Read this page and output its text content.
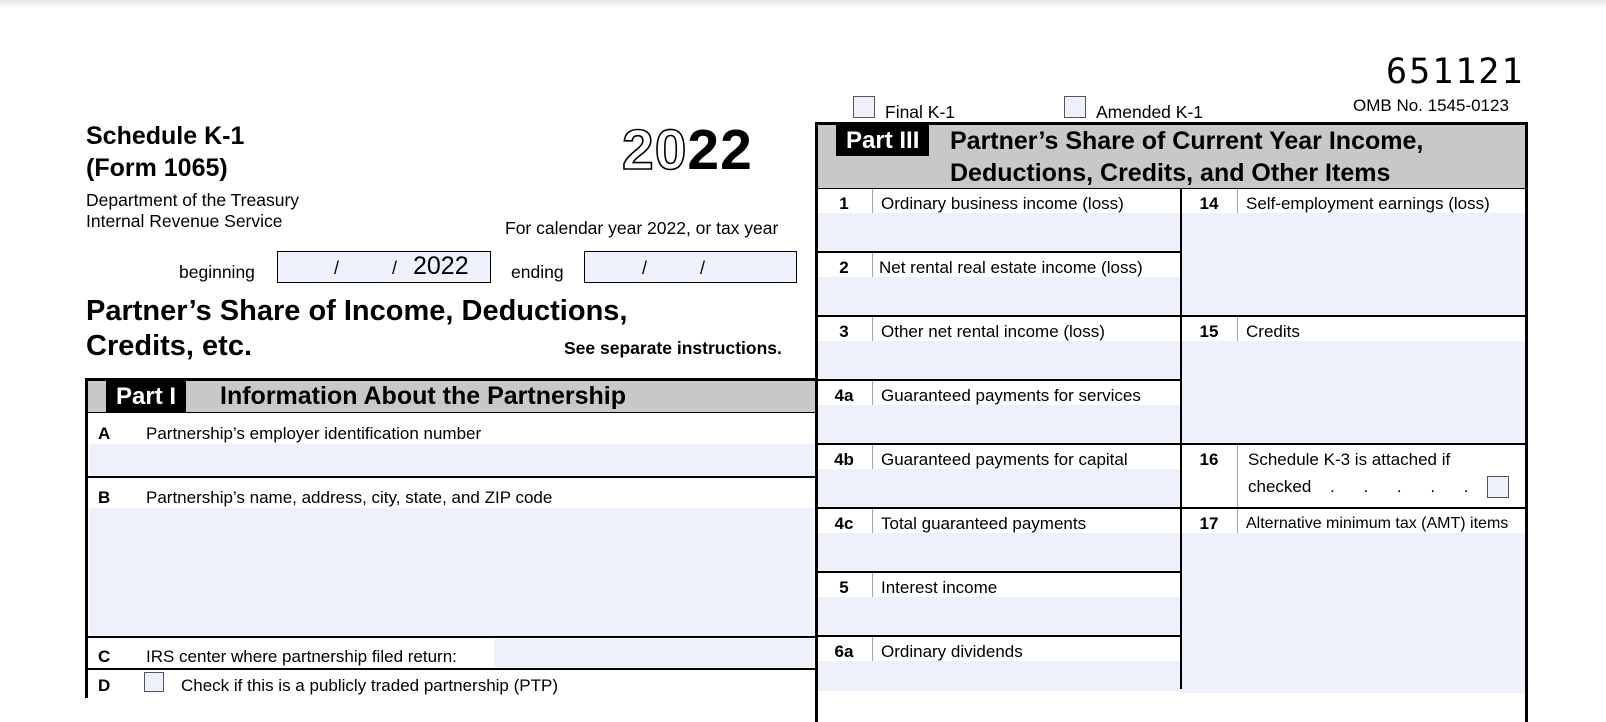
Schedule K-1
(Form 1065)
Department of the Treasury
Internal Revenue Service
2022
For calendar year 2022, or tax year
beginning	/	/ 2022 ending	/	/
Partner’s Share of Income, Deductions,
Credits, etc.	See separate instructions.
651121
Final K-1	Amended K-1	OMB No. 1545-0123
Part I	Information About the Partnership
A Partnership’s employer identification number
B Partnership’s name, address, city, state, and ZIP code
C IRS center where partnership filed return:
D	Check if this is a publicly traded partnership (PTP)
Part III	Partner’s Share of Current Year Income,
Deductions, Credits, and Other Items
1	Ordinary business income (loss)
2	Net rental real estate income (loss)
3	Other net rental income (loss)
4a	Guaranteed payments for services
4b	Guaranteed payments for capital
4c	Total guaranteed payments
5	Interest income
6a	Ordinary dividends
14	Self-employment earnings (loss)
15	Credits
16	Schedule K-3 is attached if
checked . . . . .
17	Alternative minimum tax (AMT) items
